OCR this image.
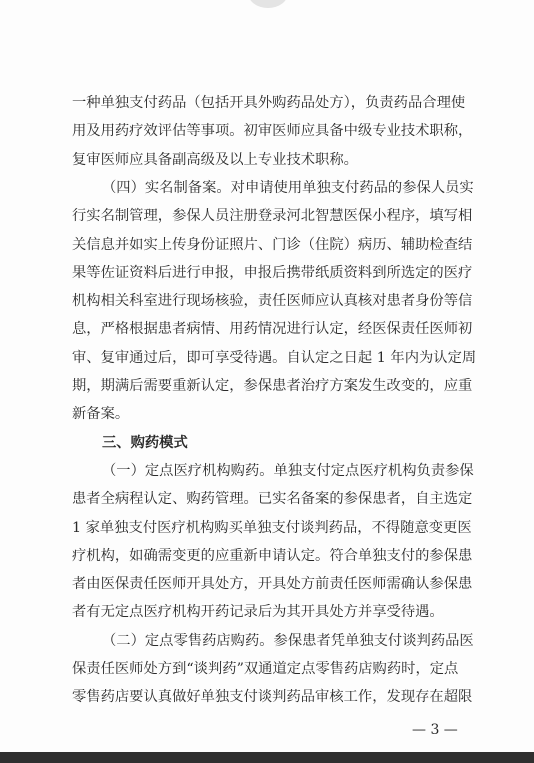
一种单独支付药品（包括开具外购药品处方），负责药品合理使
用及用药疗效评估等事项。初审医师应具备中级专业技术职称，
复审医师应具备副高级及以上专业技术职称。
（四）实名制备案。对申请使用单独支付药品的参保人员实
行实名制管理，参保人员注册登录河北智慧医保小程序，填写相
关信息并如实上传身份证照片、门诊（住院）病历、辅助检查结
果等佐证资料后进行申报，申报后携带纸质资料到所选定的医疗
机构相关科室进行现场核验，责任医师应认真核对患者身份等信
息，严格根据患者病情、用药情况进行认定，经医保责任医师初
审、复审通过后，即可享受待遇。自认定之日起 1 年内为认定周
期，期满后需要重新认定，参保患者治疗方案发生改变的，应重
新备案。
三、购药模式
（一）定点医疗机构购药。单独支付定点医疗机构负责参保
患者全病程认定、购药管理。已实名备案的参保患者，自主选定
1 家单独支付医疗机构购买单独支付谈判药品，不得随意变更医
疗机构，如确需变更的应重新申请认定。符合单独支付的参保患
者由医保责任医师开具处方，开具处方前责任医师需确认参保患
者有无定点医疗机构开药记录后为其开具处方并享受待遇。
（二）定点零售药店购药。参保患者凭单独支付谈判药品医
保责任医师处方到“谈判药”双通道定点零售药店购药时，定点
零售药店要认真做好单独支付谈判药品审核工作，发现存在超限
— 3 —
